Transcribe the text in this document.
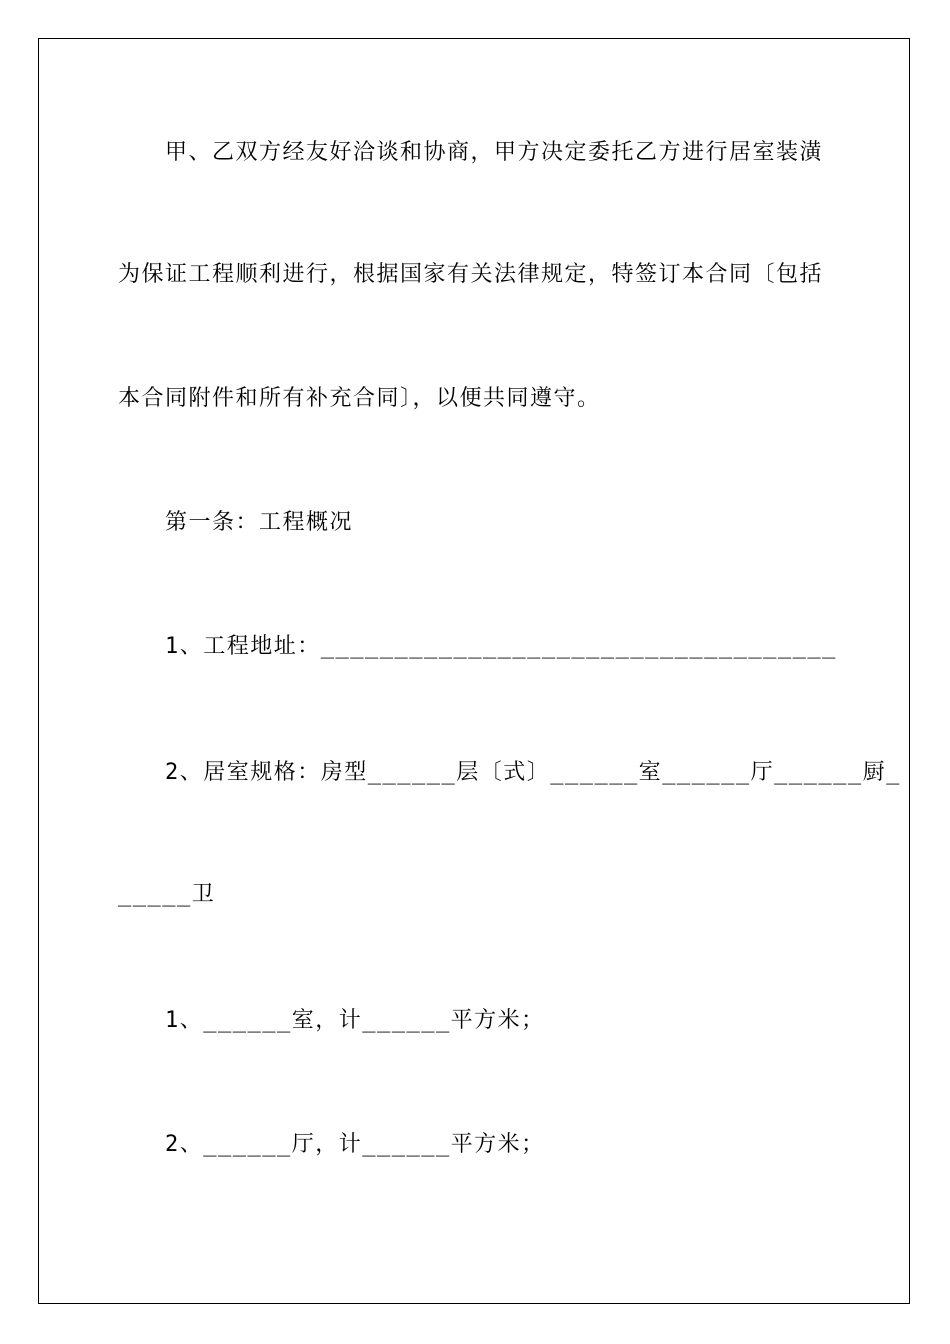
甲、乙双方经友好洽谈和协商，甲方决定委托乙方进行居室装潢
为保证工程顺利进行，根据国家有关法律规定，特签订本合同〔包括
本合同附件和所有补充合同〕，以便共同遵守。
第一条：工程概况
1、工程地址：___________________________________
2、居室规格：房型______层〔式〕______室______厅______厨_
_____卫
1、______室，计______平方米；
2、______厅，计______平方米；
